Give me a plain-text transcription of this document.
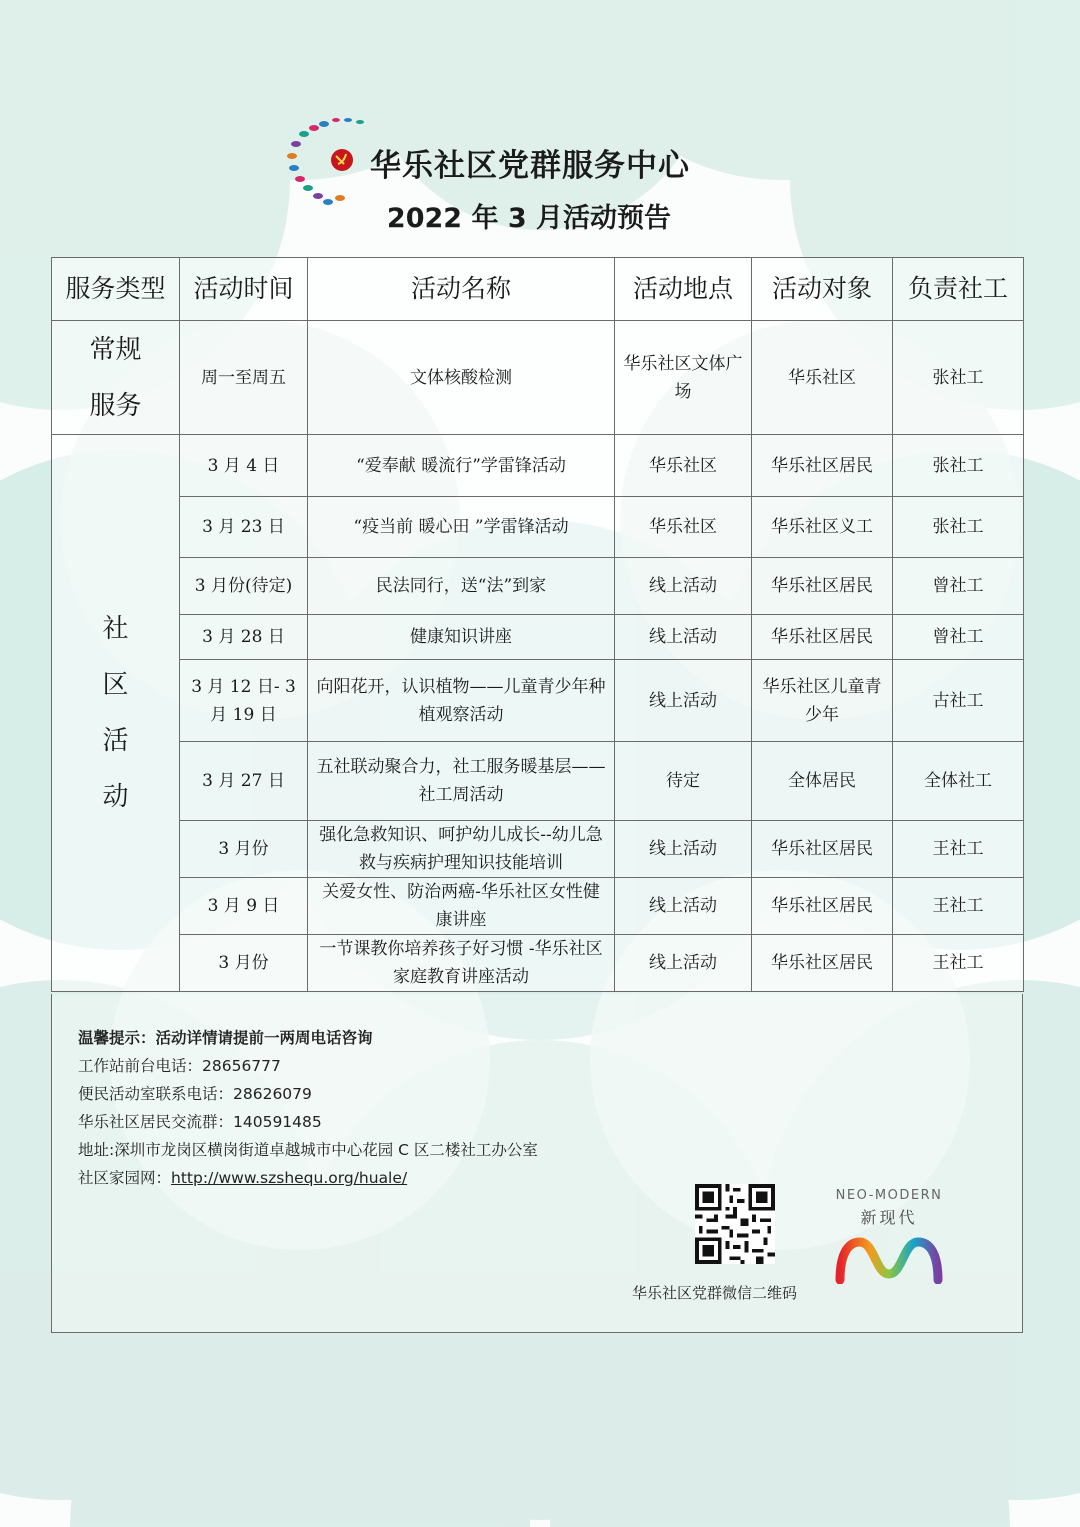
华乐社区党群服务中心
2022 年 3 月活动预告
服务类型	活动时间	活动名称	活动地点	活动对象	负责社工

常规
服务	周一至周五	文体核酸检测	华乐社区文体广场	华乐社区	张社工

社
区
活
动	3 月 4 日	“爱奉献 暖流行”学雷锋活动	华乐社区	华乐社区居民	张社工
	3 月 23 日	“疫当前 暖心田 ”学雷锋活动	华乐社区	华乐社区义工	张社工
	3 月份(待定)	民法同行，送“法”到家	线上活动	华乐社区居民	曾社工
	3 月 28 日	健康知识讲座	线上活动	华乐社区居民	曾社工
	3 月 12 日- 3 月 19 日	向阳花开，认识植物——儿童青少年种植观察活动	线上活动	华乐社区儿童青少年	古社工
	3 月 27 日	五社联动聚合力，社工服务暖基层——社工周活动	待定	全体居民	全体社工
	3 月份	强化急救知识、呵护幼儿成长--幼儿急救与疾病护理知识技能培训	线上活动	华乐社区居民	王社工
	3 月 9 日	关爱女性、防治两癌-华乐社区女性健康讲座	线上活动	华乐社区居民	王社工
	3 月份	一节课教你培养孩子好习惯 -华乐社区家庭教育讲座活动	线上活动	华乐社区居民	王社工
温馨提示：活动详情请提前一两周电话咨询
工作站前台电话：28656777
便民活动室联系电话：28626079
华乐社区居民交流群：140591485
地址:深圳市龙岗区横岗街道卓越城市中心花园 C 区二楼社工办公室
社区家园网：http://www.szshequ.org/huale/
华乐社区党群微信二维码
NEO-MODERN
新现代
